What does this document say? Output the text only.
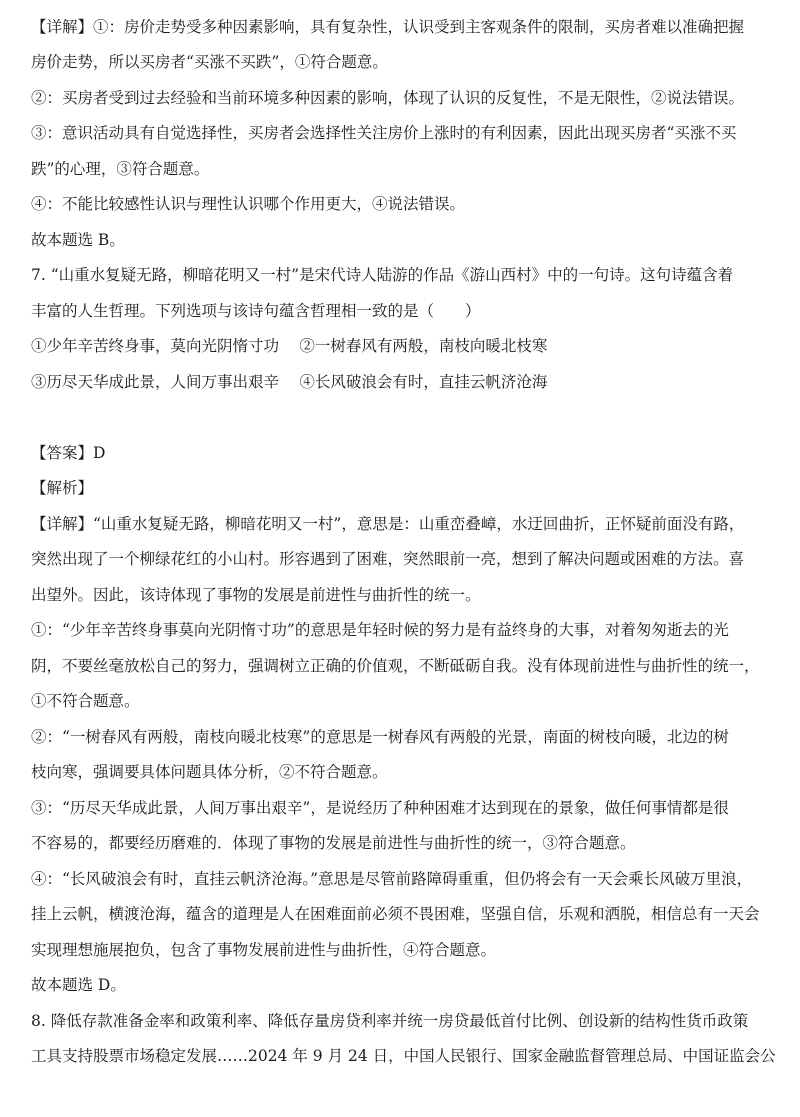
【详解】①：房价走势受多种因素影响，具有复杂性，认识受到主客观条件的限制，买房者难以准确把握
房价走势，所以买房者“买涨不买跌”，①符合题意。
②：买房者受到过去经验和当前环境多种因素的影响，体现了认识的反复性，不是无限性，②说法错误。
③：意识活动具有自觉选择性，买房者会选择性关注房价上涨时的有利因素，因此出现买房者“买涨不买
跌”的心理，③符合题意。
④：不能比较感性认识与理性认识哪个作用更大，④说法错误。
故本题选 B。
7. “山重水复疑无路，柳暗花明又一村”是宋代诗人陆游的作品《游山西村》中的一句诗。这句诗蕴含着
丰富的人生哲理。下列选项与该诗句蕴含哲理相一致的是（　　）
①少年辛苦终身事，莫向光阴惰寸功　 ②一树春风有两般，南枝向暖北枝寒
③历尽天华成此景，人间万事出艰辛　 ④长风破浪会有时，直挂云帆济沧海
【答案】D
【解析】
【详解】“山重水复疑无路，柳暗花明又一村”，意思是：山重峦叠嶂，水迂回曲折，正怀疑前面没有路，
突然出现了一个柳绿花红的小山村。形容遇到了困难，突然眼前一亮，想到了解决问题或困难的方法。喜
出望外。因此，该诗体现了事物的发展是前进性与曲折性的统一。
①：“少年辛苦终身事莫向光阴惰寸功”的意思是年轻时候的努力是有益终身的大事，对着匆匆逝去的光
阴，不要丝毫放松自己的努力，强调树立正确的价值观，不断砥砺自我。没有体现前进性与曲折性的统一，
①不符合题意。
②：“一树春风有两般，南枝向暖北枝寒”的意思是一树春风有两般的光景，南面的树枝向暖，北边的树
枝向寒，强调要具体问题具体分析，②不符合题意。
③：“历尽天华成此景，人间万事出艰辛”，是说经历了种种困难才达到现在的景象，做任何事情都是很
不容易的，都要经历磨难的．体现了事物的发展是前进性与曲折性的统一，③符合题意。
④：“长风破浪会有时，直挂云帆济沧海。”意思是尽管前路障碍重重，但仍将会有一天会乘长风破万里浪，
挂上云帆，横渡沧海，蕴含的道理是人在困难面前必须不畏困难，坚强自信，乐观和洒脱，相信总有一天会
实现理想施展抱负，包含了事物发展前进性与曲折性，④符合题意。
故本题选 D。
8. 降低存款准备金率和政策利率、降低存量房贷利率并统一房贷最低首付比例、创设新的结构性货币政策
工具支持股票市场稳定发展……2024 年 9 月 24 日，中国人民银行、国家金融监督管理总局、中国证监会公
